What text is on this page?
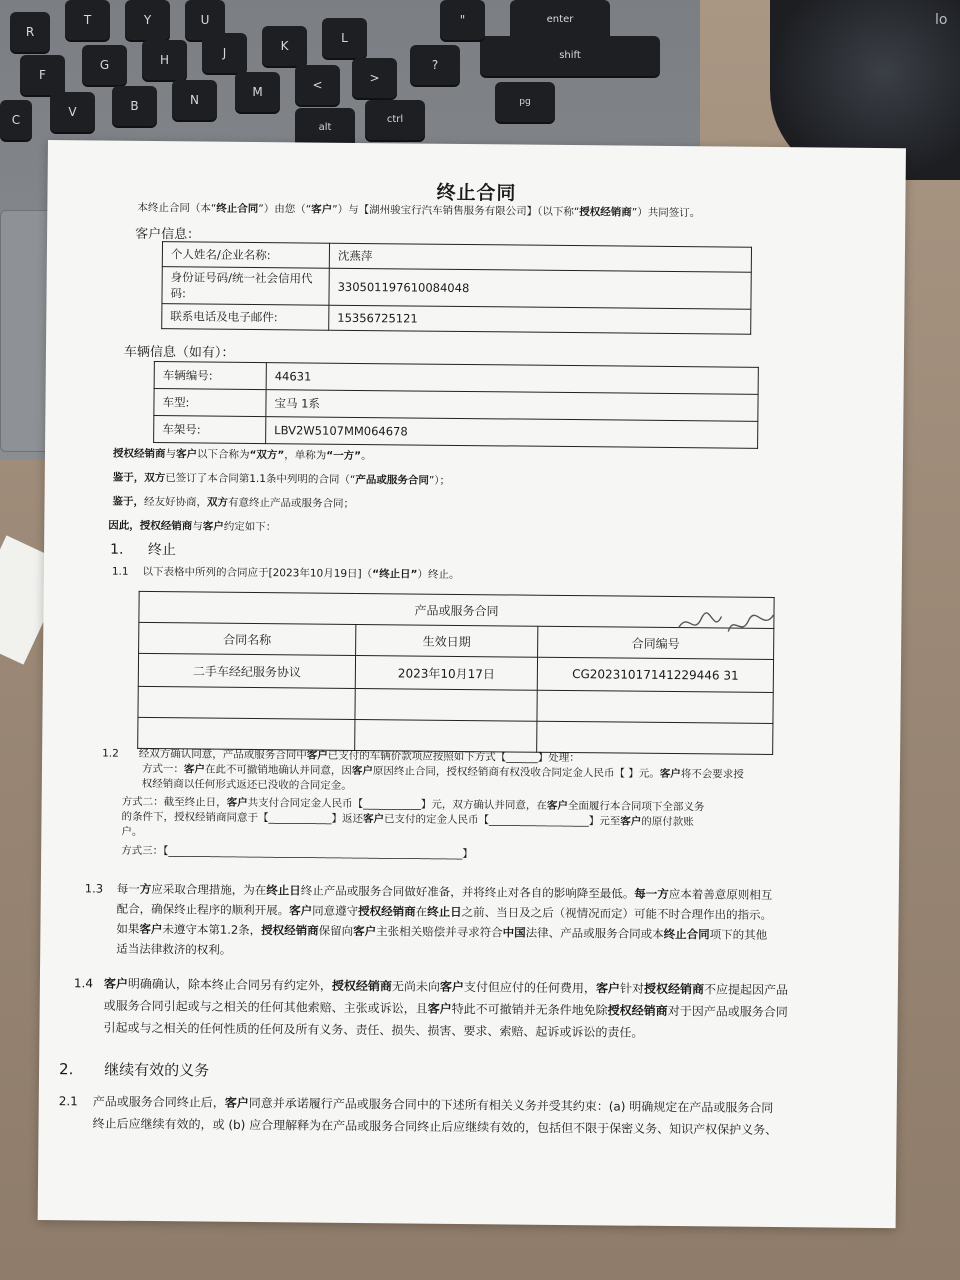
R
T	Y	U
F
G	H	J	K
L
B	N
M
C
V
enter
shift
alt
ctrl
"
?
<	>
pg
lo
终止合同
本终止合同（本“终止合同”）由您（“客户”）与【湖州骏宝行汽车销售服务有限公司】（以下称“授权经销商”）共同签订。
客户信息：
个人姓名/企业名称:	沈燕萍
身份证号码/统一社会信用代码:	330501197610084048
联系电话及电子邮件:	15356725121
车辆信息（如有）：
车辆编号:	44631
车型:	宝马 1系
车架号:	LBV2W5107MM064678
授权经销商与客户以下合称为“双方”，单称为“一方”。
鉴于，双方已签订了本合同第1.1条中列明的合同（“产品或服务合同”）；
鉴于，经友好协商，双方有意终止产品或服务合同；
因此，授权经销商与客户约定如下：
1. 终止
1.1 以下表格中所列的合同应于[2023年10月19日]（“终止日”）终止。
产品或服务合同		
合同名称	生效日期	合同编号
二手车经纪服务协议	2023年10月17日	CG20231017141229446 31

1.2 经双方确认同意，产品或服务合同中客户已支付的车辆价款项应按照如下方式【______】处理：
方式一：客户在此不可撤销地确认并同意，因客户原因终止合同，授权经销商有权没收合同定金人民币【 】元。客户将不会要求授
权经销商以任何形式返还已没收的合同定金。
方式二：截至终止日，客户共支付合同定金人民币【___________】元，双方确认并同意，在客户全面履行本合同项下全部义务
的条件下，授权经销商同意于【____________】返还客户已支付的定金人民币【___________________】元至客户的原付款账
户。
方式三：【________________________________________________________】
1.3 每一方应采取合理措施，为在终止日终止产品或服务合同做好准备，并将终止对各自的影响降至最低。每一方应本着善意原则相互
配合，确保终止程序的顺利开展。客户同意遵守授权经销商在终止日之前、当日及之后（视情况而定）可能不时合理作出的指示。
如果客户未遵守本第1.2条，授权经销商保留向客户主张相关赔偿并寻求符合中国法律、产品或服务合同或本终止合同项下的其他
适当法律救济的权利。
1.4 客户明确确认，除本终止合同另有约定外，授权经销商无尚未向客户支付但应付的任何费用，客户针对授权经销商不应提起因产品
或服务合同引起或与之相关的任何其他索赔、主张或诉讼，且客户特此不可撤销并无条件地免除授权经销商对于因产品或服务合同
引起或与之相关的任何性质的任何及所有义务、责任、损失、损害、要求、索赔、起诉或诉讼的责任。
2. 继续有效的义务
2.1 产品或服务合同终止后，客户同意并承诺履行产品或服务合同中的下述所有相关义务并受其约束：(a) 明确规定在产品或服务合同
终止后应继续有效的，或 (b) 应合理解释为在产品或服务合同终止后应继续有效的，包括但不限于保密义务、知识产权保护义务、
